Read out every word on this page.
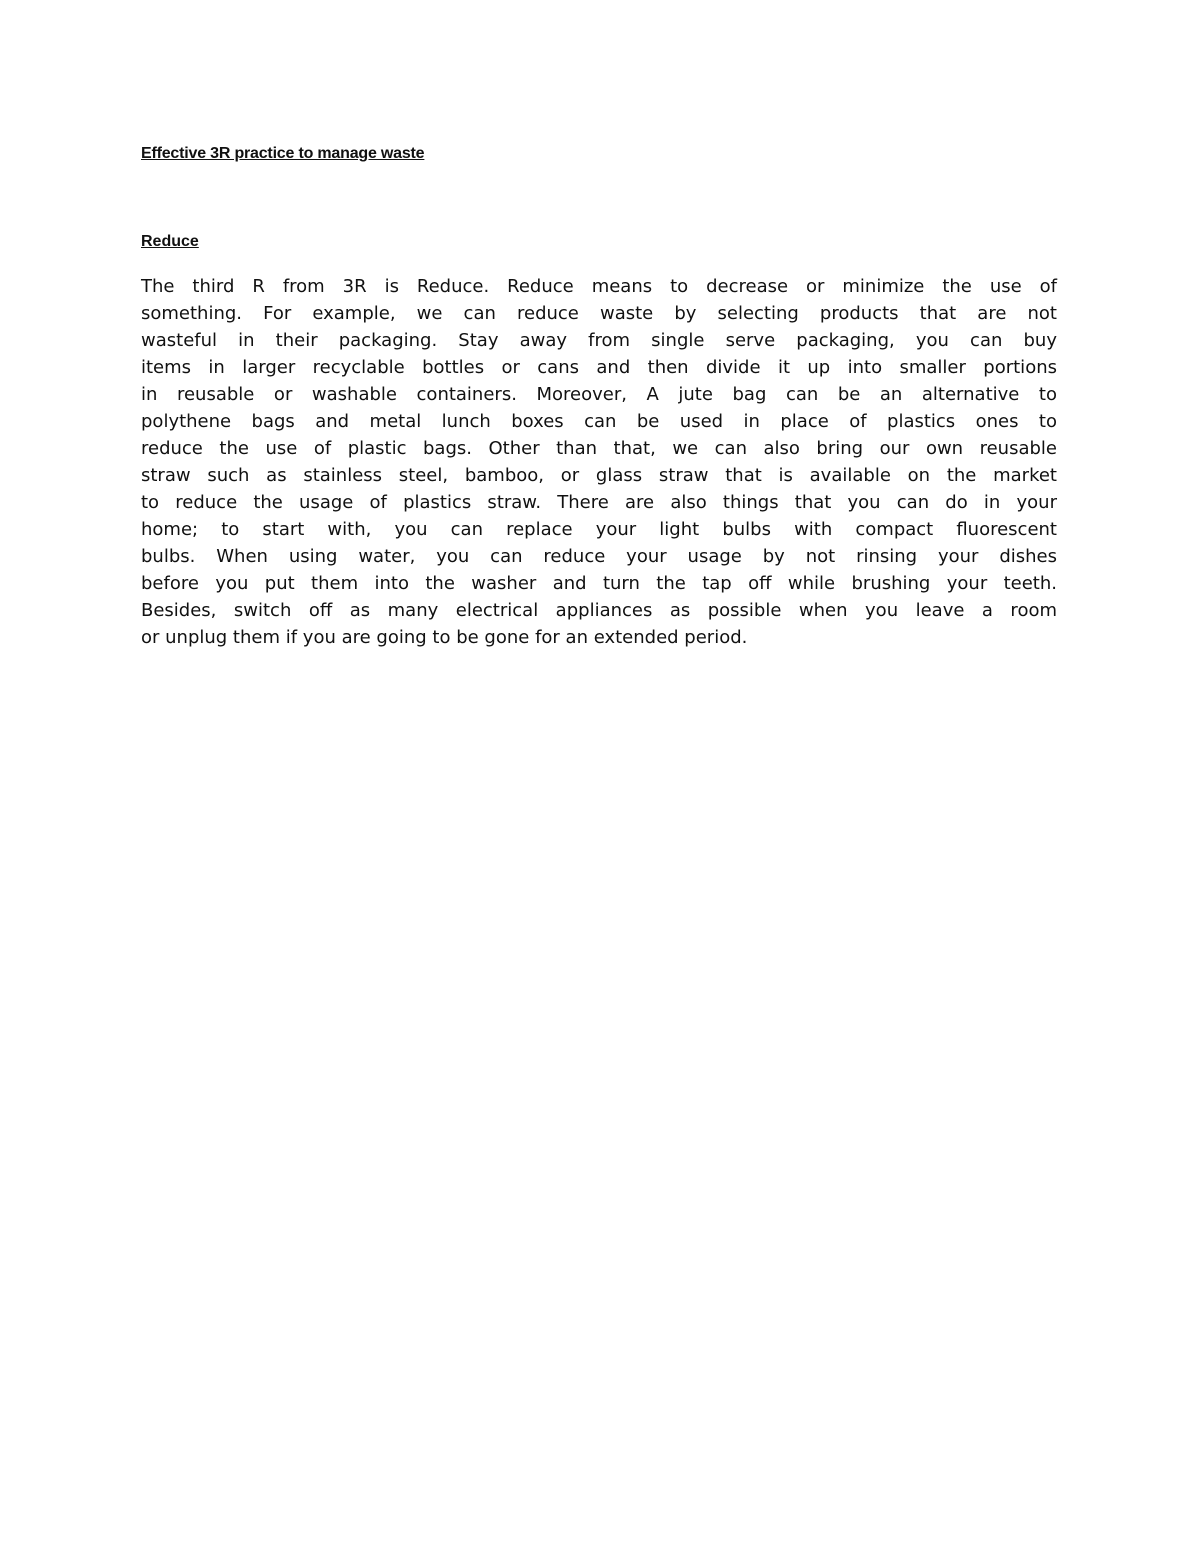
Effective 3R practice to manage waste
Reduce
The third R from 3R is Reduce. Reduce means to decrease or minimize the use of
something. For example, we can reduce waste by selecting products that are not
wasteful in their packaging. Stay away from single serve packaging, you can buy
items in larger recyclable bottles or cans and then divide it up into smaller portions
in reusable or washable containers. Moreover, A jute bag can be an alternative to
polythene bags and metal lunch boxes can be used in place of plastics ones to
reduce the use of plastic bags. Other than that, we can also bring our own reusable
straw such as stainless steel, bamboo, or glass straw that is available on the market
to reduce the usage of plastics straw. There are also things that you can do in your
home; to start with, you can replace your light bulbs with compact fluorescent
bulbs. When using water, you can reduce your usage by not rinsing your dishes
before you put them into the washer and turn the tap off while brushing your teeth.
Besides, switch off as many electrical appliances as possible when you leave a room
or unplug them if you are going to be gone for an extended period.
